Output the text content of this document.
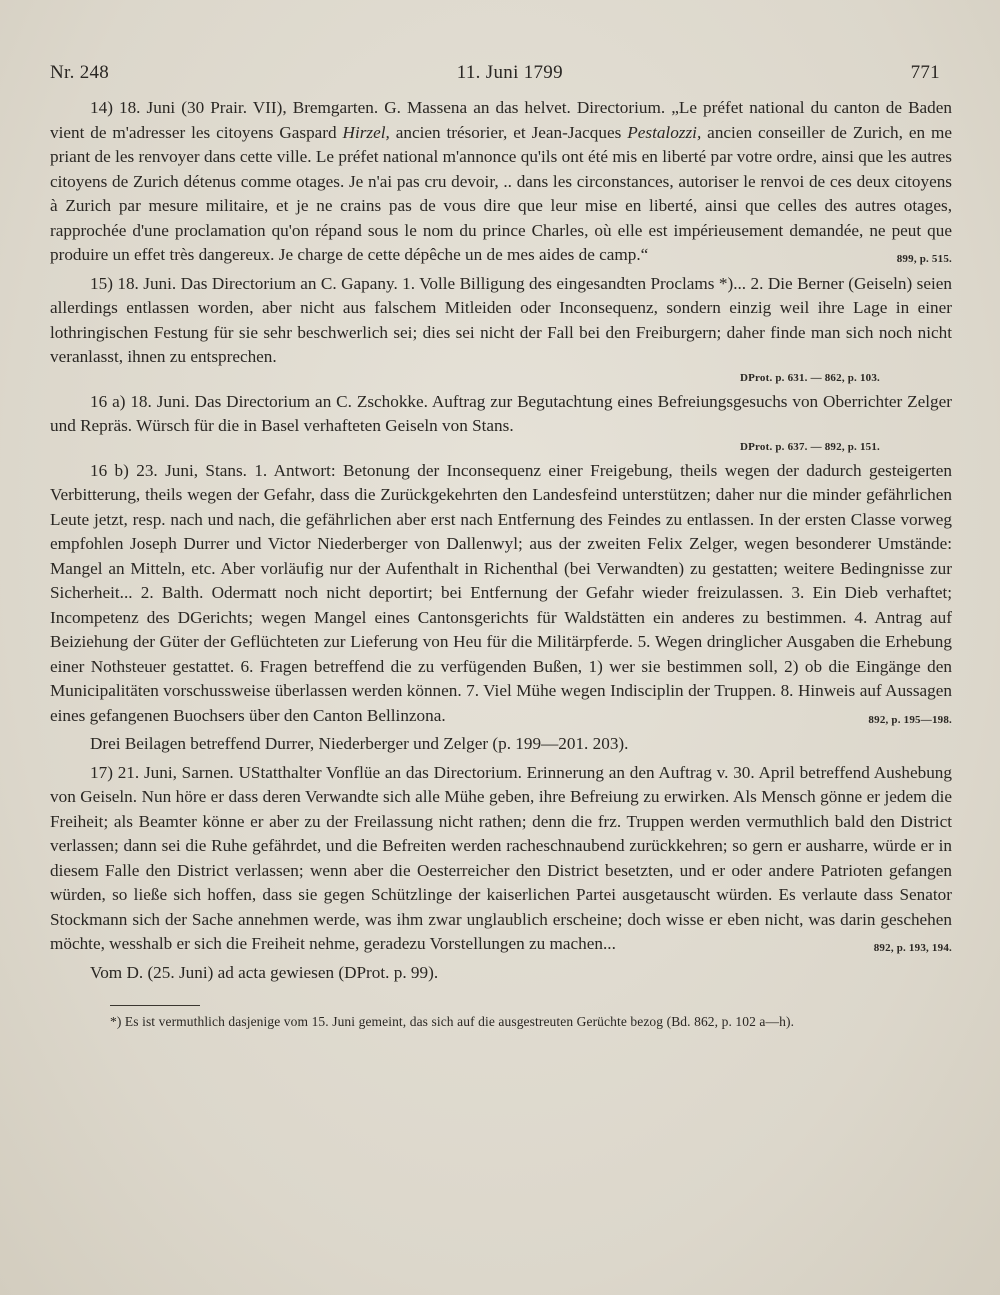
Nr. 248	11. Juni 1799	771

14) 18. Juni (30 Prair. VII), Bremgarten. G. Massena an das helvet. Directorium. „Le préfet national du canton de Baden vient de m'adresser les citoyens Gaspard Hirzel, ancien trésorier, et Jean-Jacques Pestalozzi, ancien conseiller de Zurich, en me priant de les renvoyer dans cette ville. Le préfet national m'annonce qu'ils ont été mis en liberté par votre ordre, ainsi que les autres citoyens de Zurich détenus comme otages. Je n'ai pas cru devoir, .. dans les circonstances, autoriser le renvoi de ces deux citoyens à Zurich par mesure militaire, et je ne crains pas de vous dire que leur mise en liberté, ainsi que celles des autres otages, rapprochée d'une proclamation qu'on répand sous le nom du prince Charles, où elle est impérieusement demandée, ne peut que produire un effet très dangereux. Je charge de cette dépêche un de mes aides de camp.“	899, p. 515.

15) 18. Juni. Das Directorium an C. Gapany. 1. Volle Billigung des eingesandten Proclams *)... 2. Die Berner (Geiseln) seien allerdings entlassen worden, aber nicht aus falschem Mitleiden oder Inconsequenz, sondern einzig weil ihre Lage in einer lothringischen Festung für sie sehr beschwerlich sei; dies sei nicht der Fall bei den Freiburgern; daher finde man sich noch nicht veranlasst, ihnen zu entsprechen.

DProt. p. 631. — 862, p. 103.

16 a) 18. Juni. Das Directorium an C. Zschokke. Auftrag zur Begutachtung eines Befreiungsgesuchs von Oberrichter Zelger und Repräs. Würsch für die in Basel verhafteten Geiseln von Stans.

DProt. p. 637. — 892, p. 151.

16 b) 23. Juni, Stans. 1. Antwort: Betonung der Inconsequenz einer Freigebung, theils wegen der dadurch gesteigerten Verbitterung, theils wegen der Gefahr, dass die Zurückgekehrten den Landesfeind unterstützen; daher nur die minder gefährlichen Leute jetzt, resp. nach und nach, die gefährlichen aber erst nach Entfernung des Feindes zu entlassen. In der ersten Classe vorweg empfohlen Joseph Durrer und Victor Niederberger von Dallenwyl; aus der zweiten Felix Zelger, wegen besonderer Umstände: Mangel an Mitteln, etc. Aber vorläufig nur der Aufenthalt in Richenthal (bei Verwandten) zu gestatten; weitere Bedingnisse zur Sicherheit... 2. Balth. Odermatt noch nicht deportirt; bei Entfernung der Gefahr wieder freizulassen. 3. Ein Dieb verhaftet; Incompetenz des DGerichts; wegen Mangel eines Cantonsgerichts für Waldstätten ein anderes zu bestimmen. 4. Antrag auf Beiziehung der Güter der Geflüchteten zur Lieferung von Heu für die Militärpferde. 5. Wegen dringlicher Ausgaben die Erhebung einer Nothsteuer gestattet. 6. Fragen betreffend die zu verfügenden Bußen, 1) wer sie bestimmen soll, 2) ob die Eingänge den Municipalitäten vorschussweise überlassen werden können. 7. Viel Mühe wegen Indisciplin der Truppen. 8. Hinweis auf Aussagen eines gefangenen Buochsers über den Canton Bellinzona.	892, p. 195—198.

Drei Beilagen betreffend Durrer, Niederberger und Zelger (p. 199—201. 203).

17) 21. Juni, Sarnen. UStatthalter Vonflüe an das Directorium. Erinnerung an den Auftrag v. 30. April betreffend Aushebung von Geiseln. Nun höre er dass deren Verwandte sich alle Mühe geben, ihre Befreiung zu erwirken. Als Mensch gönne er jedem die Freiheit; als Beamter könne er aber zu der Freilassung nicht rathen; denn die frz. Truppen werden vermuthlich bald den District verlassen; dann sei die Ruhe gefährdet, und die Befreiten werden racheschnaubend zurückkehren; so gern er ausharre, würde er in diesem Falle den District verlassen; wenn aber die Oesterreicher den District besetzten, und er oder andere Patrioten gefangen würden, so ließe sich hoffen, dass sie gegen Schützlinge der kaiserlichen Partei ausgetauscht würden. Es verlaute dass Senator Stockmann sich der Sache annehmen werde, was ihm zwar unglaublich erscheine; doch wisse er eben nicht, was darin geschehen möchte, wesshalb er sich die Freiheit nehme, geradezu Vorstellungen zu machen...	892, p. 193, 194.

Vom D. (25. Juni) ad acta gewiesen (DProt. p. 99).

*) Es ist vermuthlich dasjenige vom 15. Juni gemeint, das sich auf die ausgestreuten Gerüchte bezog (Bd. 862, p. 102 a—h).
